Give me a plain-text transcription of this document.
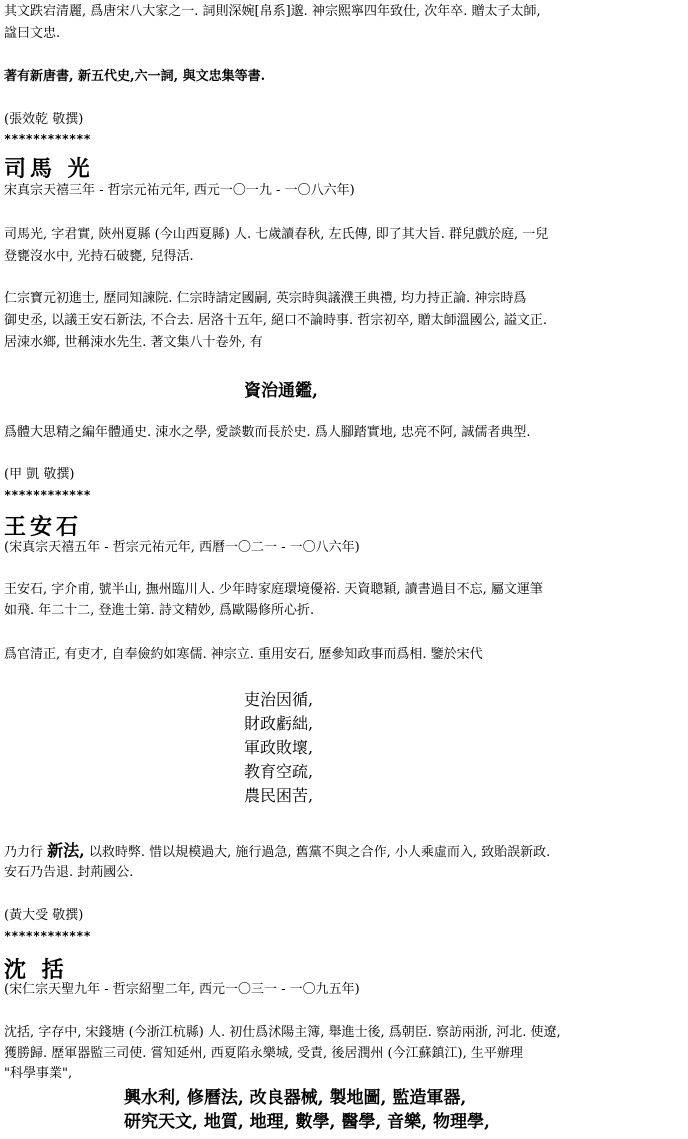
其文跌宕清麗, 爲唐宋八大家之一. 詞則深婉[帛系]邈. 神宗熙寧四年致仕, 次年卒. 贈太子太師,
諡曰文忠.
著有新唐書, 新五代史,六一詞, 與文忠集等書.
(張效乾 敬撰)
************
司馬 光
宋真宗天禧三年 - 哲宗元祐元年, 西元一〇一九 - 一〇八六年)
司馬光, 字君實, 陝州夏縣 (今山西夏縣) 人. 七歲讀春秋, 左氏傳, 即了其大旨. 群兒戲於庭, 一兒
登甕沒水中, 光持石破甕, 兒得活.
仁宗寶元初進士, 歷同知諫院. 仁宗時請定國嗣, 英宗時與議濮王典禮, 均力持正論. 神宗時爲
御史丞, 以議王安石新法, 不合去. 居洛十五年, 絕口不論時事. 哲宗初卒, 贈太師溫國公, 謚文正.
居涑水鄉, 世稱涑水先生. 著文集八十卷外, 有
資治通鑑,
爲體大思精之編年體通史. 涑水之學, 愛談數而長於史. 爲人腳踏實地, 忠亮不阿, 誠儒者典型.
(甲 凱 敬撰)
************
王安石
(宋真宗天禧五年 - 哲宗元祐元年, 西曆一〇二一 - 一〇八六年)
王安石, 字介甫, 號半山, 撫州臨川人. 少年時家庭環境優裕. 天資聰穎, 讀書過目不忘, 屬文運筆
如飛. 年二十二, 登進士第. 詩文精妙, 爲歐陽修所心折.
爲官清正, 有吏才, 自奉儉約如寒儒. 神宗立. 重用安石, 歷參知政事而爲相. 鑒於宋代
吏治因循,
財政虧絀,
軍政敗壞,
教育空疏,
農民困苦,
乃力行 新法, 以救時弊. 惜以規模過大, 施行過急, 舊黨不與之合作, 小人乘虛而入, 致貽誤新政.
安石乃告退. 封荊國公.
(黃大受 敬撰)
************
沈 括
(宋仁宗天聖九年 - 哲宗紹聖二年, 西元一〇三一 - 一〇九五年)
沈括, 字存中, 宋錢塘 (今浙江杭縣) 人. 初仕爲沭陽主簿, 舉進士後, 爲朝臣. 察訪兩浙, 河北. 使遼,
獲勝歸. 歷軍器監三司使. 嘗知延州, 西夏陷永樂城, 受責, 後居潤州 (今江蘇鎮江), 生平辦理
"科學事業",
興水利, 修曆法, 改良器械, 製地圖, 監造軍器,
研究天文, 地質, 地理, 數學, 醫學, 音樂, 物理學,
